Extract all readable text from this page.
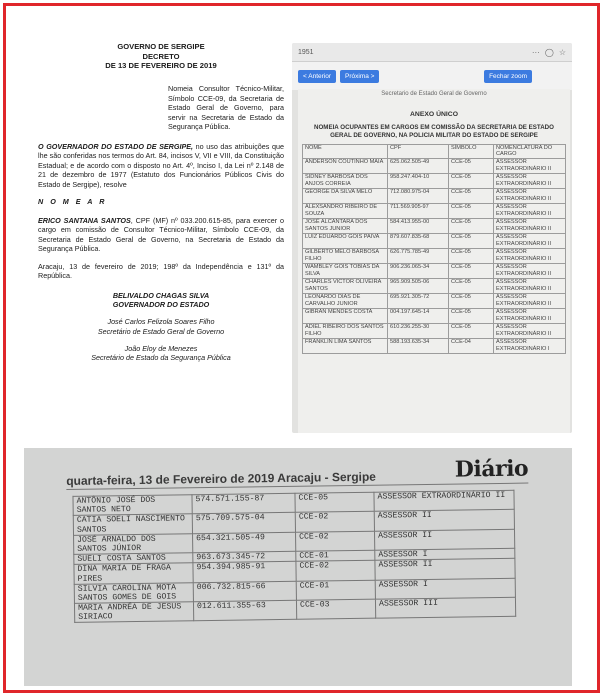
GOVERNO DE SERGIPE
DECRETO
DE 13 DE FEVEREIRO DE 2019
Nomeia Consultor Técnico-Militar, Símbolo CCE-09, da Secretaria de Estado Geral de Governo, para servir na Secretaria de Estado da Segurança Pública.

O GOVERNADOR DO ESTADO DE SERGIPE, no uso das atribuições que lhe são conferidas nos termos do Art. 84, incisos V, VII e VIII, da Constituição Estadual; e de acordo com o disposto no Art. 4º, Inciso I, da Lei nº 2.148 de 21 de dezembro de 1977 (Estatuto dos Funcionários Públicos Civis do Estado de Sergipe), resolve

N O M E A R

ERICO SANTANA SANTOS, CPF (MF) nº 033.200.615-85, para exercer o cargo em comissão de Consultor Técnico-Militar, Símbolo CCE-09, da Secretaria de Estado Geral de Governo, na Secretaria de Estado da Segurança Pública.

Aracaju, 13 de fevereiro de 2019; 198º da Independência e 131º da República.

BELIVALDO CHAGAS SILVA
GOVERNADOR DO ESTADO
José Carlos Felizola Soares Filho
Secretário de Estado Geral de Governo
João Eloy de Menezes
Secretário de Estado da Segurança Pública
1951	··· ◯ ☆
< Anterior	Próxima >	Fechar zoom
Secretario de Estado Geral de Governo
ANEXO ÚNICO
NOMEIA OCUPANTES EM CARGOS EM COMISSÃO DA SECRETARIA DE ESTADO GERAL DE GOVERNO, NA POLICIA MILITAR DO ESTADO DE SERGIPE
NOME	CPF	SÍMBOLO	NOMENCLATURA DO CARGO
ANDERSON COUTINHO MAIA	625.062.505-49	CCE-05	ASSESSOR EXTRAORDINÁRIO II
SIDNEY BARBOSA DOS ANJOS CORREIA	958.247.404-10	CCE-05	ASSESSOR EXTRAORDINÁRIO II
GEORGE DA SILVA MELO	712.080.975-04	CCE-05	ASSESSOR EXTRAORDINÁRIO II
ALEXSANDRO RIBEIRO DE SOUZA	711.569.905-97	CCE-05	ASSESSOR EXTRAORDINÁRIO II
JOSÉ ALCANTARA DOS SANTOS JUNIOR	584.413.955-00	CCE-05	ASSESSOR EXTRAORDINÁRIO II
LUIZ EDUARDO GOIS PAIVA	879.607.835-68	CCE-05	ASSESSOR EXTRAORDINÁRIO II
GILBERTO MELO BARBOSA FILHO	626.775.785-49	CCE-05	ASSESSOR EXTRAORDINÁRIO II
WAMBLEY GOIS TOBIAS DA SILVA	906.236.065-34	CCE-05	ASSESSOR EXTRAORDINÁRIO II
CHARLES VICTOR OLIVEIRA SANTOS	965.909.505-06	CCE-05	ASSESSOR EXTRAORDINÁRIO II
LEONARDO DIAS DE CARVALHO JUNIOR	695.921.305-72	CCE-05	ASSESSOR EXTRAORDINÁRIO II
GIBRAN MENDES COSTA	004.197.645-14	CCE-05	ASSESSOR EXTRAORDINÁRIO II
ADIEL RIBEIRO DOS SANTOS FILHO	610.236.255-30	CCE-05	ASSESSOR EXTRAORDINÁRIO II
FRANKLIN LIMA SANTOS	588.193.635-34	CCE-04	ASSESSOR EXTRAORDINÁRIO I
quarta-feira, 13 de Fevereiro de 2019 Aracaju - Sergipe	Diário
ANTÔNIO JOSÉ DOS SANTOS NETO	574.571.155-87	CCE-05	ASSESSOR EXTRAORDINÁRIO II
CATIA SOELI NASCIMENTO SANTOS	575.709.575-04	CCE-02	ASSESSOR II
JOSÉ ARNALDO DOS SANTOS JÚNIOR	654.321.505-49	CCE-02	ASSESSOR II
SUELI COSTA SANTOS	963.673.345-72	CCE-01	ASSESSOR I
DINA MARIA DE FRAGA PIRES	954.394.985-91	CCE-02	ASSESSOR II
SILVIA CAROLINA MOTA SANTOS GOMES DE GOIS	006.732.815-66	CCE-01	ASSESSOR I
MARIA ANDRÉA DE JESUS SIRIACO	012.611.355-63	CCE-03	ASSESSOR III
